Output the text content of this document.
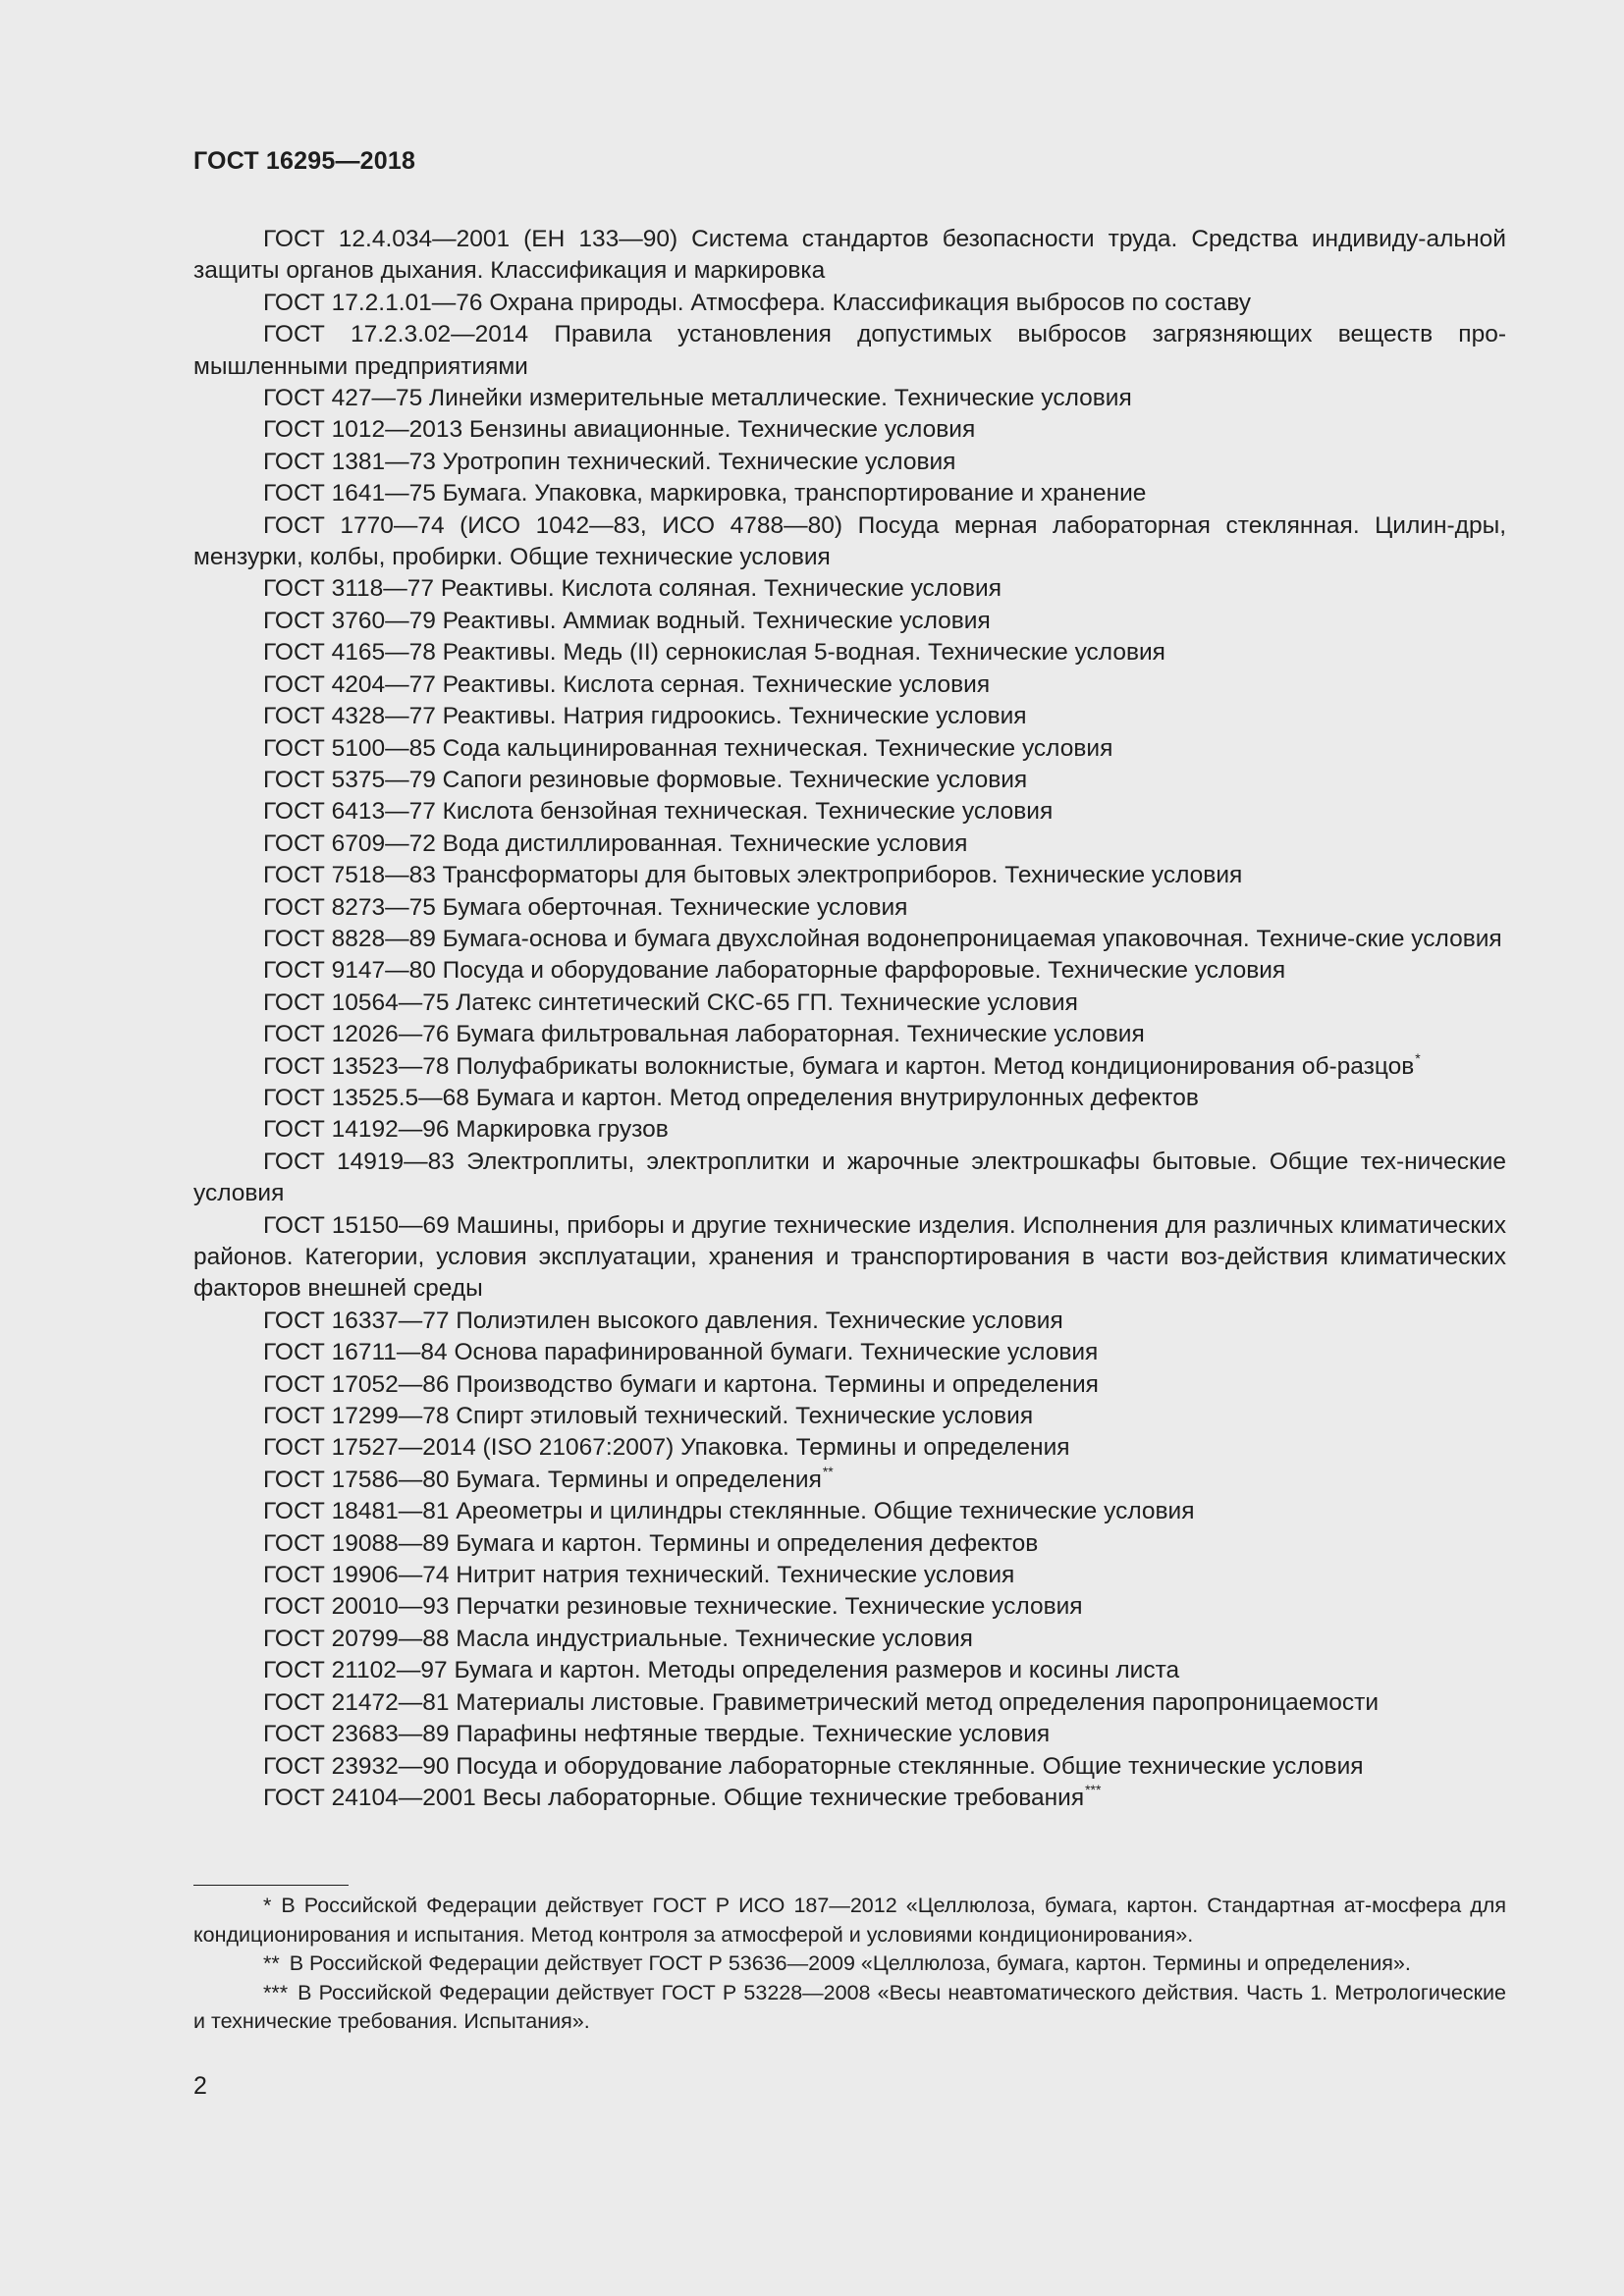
ГОСТ 16295—2018

ГОСТ 12.4.034—2001 (ЕН 133—90) Система стандартов безопасности труда. Средства индивиду-альной защиты органов дыхания. Классификация и маркировка

ГОСТ 17.2.1.01—76 Охрана природы. Атмосфера. Классификация выбросов по составу

ГОСТ 17.2.3.02—2014 Правила установления допустимых выбросов загрязняющих веществ про-мышленными предприятиями

ГОСТ 427—75 Линейки измерительные металлические. Технические условия

ГОСТ 1012—2013 Бензины авиационные. Технические условия

ГОСТ 1381—73 Уротропин технический. Технические условия

ГОСТ 1641—75 Бумага. Упаковка, маркировка, транспортирование и хранение

ГОСТ 1770—74 (ИСО 1042—83, ИСО 4788—80) Посуда мерная лабораторная стеклянная. Цилин-дры, мензурки, колбы, пробирки. Общие технические условия

ГОСТ 3118—77 Реактивы. Кислота соляная. Технические условия

ГОСТ 3760—79 Реактивы. Аммиак водный. Технические условия

ГОСТ 4165—78 Реактивы. Медь (II) сернокислая 5-водная. Технические условия

ГОСТ 4204—77 Реактивы. Кислота серная. Технические условия

ГОСТ 4328—77 Реактивы. Натрия гидроокись. Технические условия

ГОСТ 5100—85 Сода кальцинированная техническая. Технические условия

ГОСТ 5375—79 Сапоги резиновые формовые. Технические условия

ГОСТ 6413—77 Кислота бензойная техническая. Технические условия

ГОСТ 6709—72 Вода дистиллированная. Технические условия

ГОСТ 7518—83 Трансформаторы для бытовых электроприборов. Технические условия

ГОСТ 8273—75 Бумага оберточная. Технические условия

ГОСТ 8828—89 Бумага-основа и бумага двухслойная водонепроницаемая упаковочная. Техниче-ские условия

ГОСТ 9147—80 Посуда и оборудование лабораторные фарфоровые. Технические условия

ГОСТ 10564—75 Латекс синтетический СКС-65 ГП. Технические условия

ГОСТ 12026—76 Бумага фильтровальная лабораторная. Технические условия

ГОСТ 13523—78 Полуфабрикаты волокнистые, бумага и картон. Метод кондиционирования об-разцов*

ГОСТ 13525.5—68 Бумага и картон. Метод определения внутрирулонных дефектов

ГОСТ 14192—96 Маркировка грузов

ГОСТ 14919—83 Электроплиты, электроплитки и жарочные электрошкафы бытовые. Общие тех-нические условия

ГОСТ 15150—69 Машины, приборы и другие технические изделия. Исполнения для различных климатических районов. Категории, условия эксплуатации, хранения и транспортирования в части воз-действия климатических факторов внешней среды

ГОСТ 16337—77 Полиэтилен высокого давления. Технические условия

ГОСТ 16711—84 Основа парафинированной бумаги. Технические условия

ГОСТ 17052—86 Производство бумаги и картона. Термины и определения

ГОСТ 17299—78 Спирт этиловый технический. Технические условия

ГОСТ 17527—2014 (ISO 21067:2007) Упаковка. Термины и определения

ГОСТ 17586—80 Бумага. Термины и определения**

ГОСТ 18481—81 Ареометры и цилиндры стеклянные. Общие технические условия

ГОСТ 19088—89 Бумага и картон. Термины и определения дефектов

ГОСТ 19906—74 Нитрит натрия технический. Технические условия

ГОСТ 20010—93 Перчатки резиновые технические. Технические условия

ГОСТ 20799—88 Масла индустриальные. Технические условия

ГОСТ 21102—97 Бумага и картон. Методы определения размеров и косины листа

ГОСТ 21472—81 Материалы листовые. Гравиметрический метод определения паропроницаемости

ГОСТ 23683—89 Парафины нефтяные твердые. Технические условия

ГОСТ 23932—90 Посуда и оборудование лабораторные стеклянные. Общие технические условия

ГОСТ 24104—2001 Весы лабораторные. Общие технические требования***

* В Российской Федерации действует ГОСТ Р ИСО 187—2012 «Целлюлоза, бумага, картон. Стандартная ат-мосфера для кондиционирования и испытания. Метод контроля за атмосферой и условиями кондиционирования».

** В Российской Федерации действует ГОСТ Р 53636—2009 «Целлюлоза, бумага, картон. Термины и определения».

*** В Российской Федерации действует ГОСТ Р 53228—2008 «Весы неавтоматического действия. Часть 1. Метрологические и технические требования. Испытания».

2
